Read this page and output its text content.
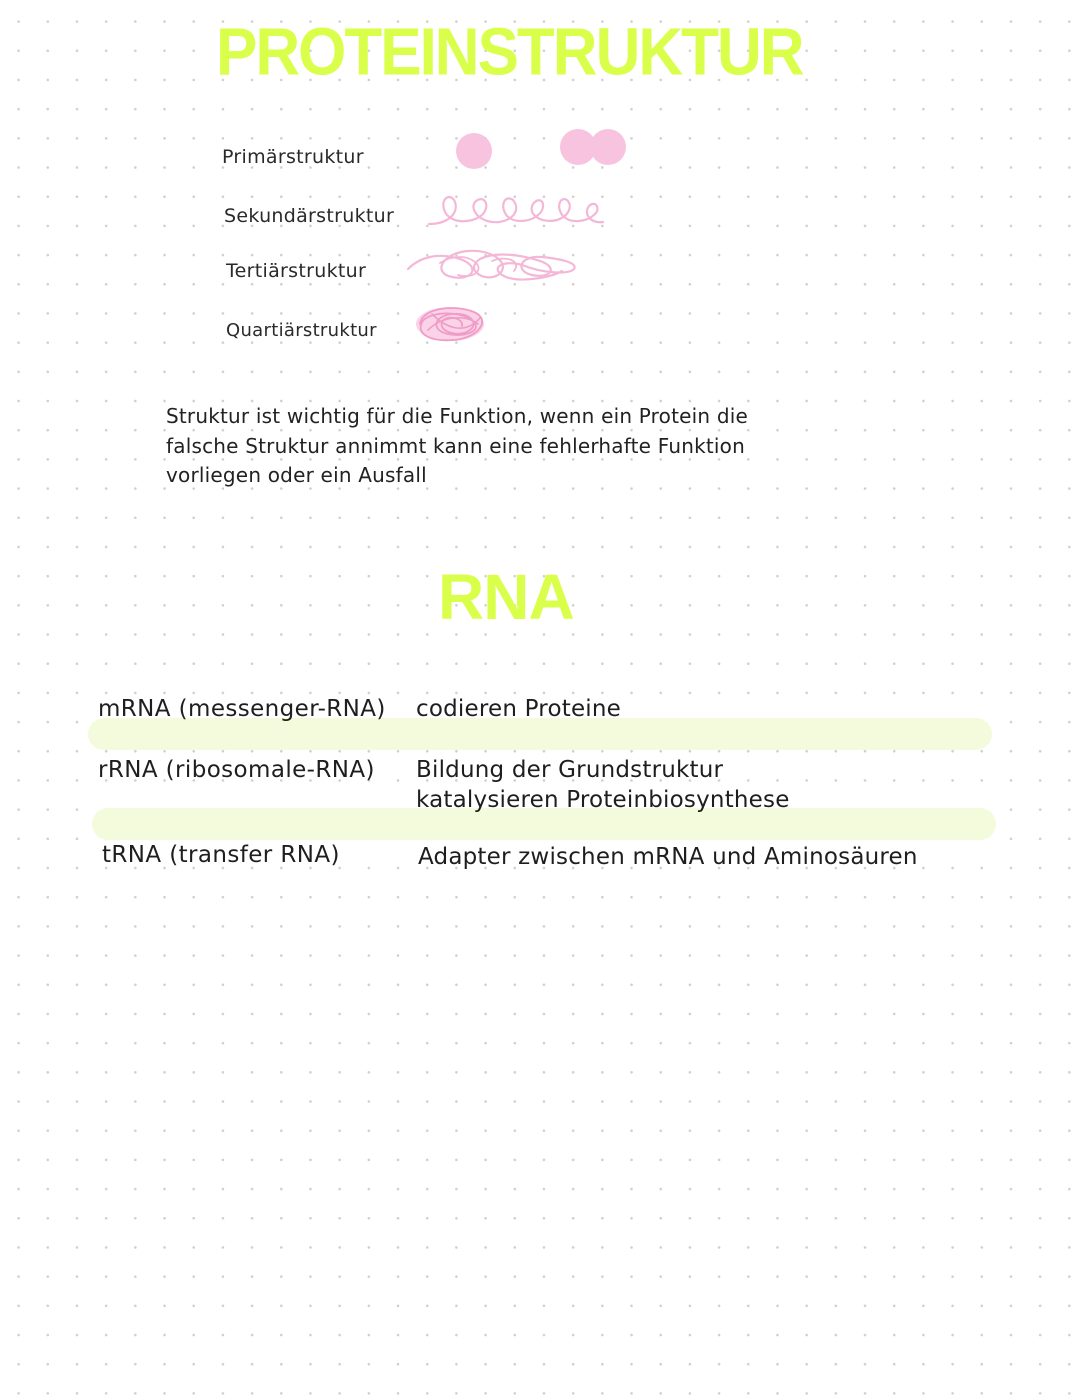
PROTEINSTRUKTUR
Primärstruktur
Sekundärstruktur
Tertiärstruktur
Quartiärstruktur
Struktur ist wichtig für die Funktion, wenn ein Protein die
falsche Struktur annimmt kann eine fehlerhafte Funktion
vorliegen oder ein Ausfall
RNA
mRNA (messenger-RNA) codieren Proteine
rRNA (ribosomale-RNA) Bildung der Grundstruktur
katalysieren Proteinbiosynthese
tRNA (transfer RNA)	Adapter zwischen mRNA und Aminosäuren
